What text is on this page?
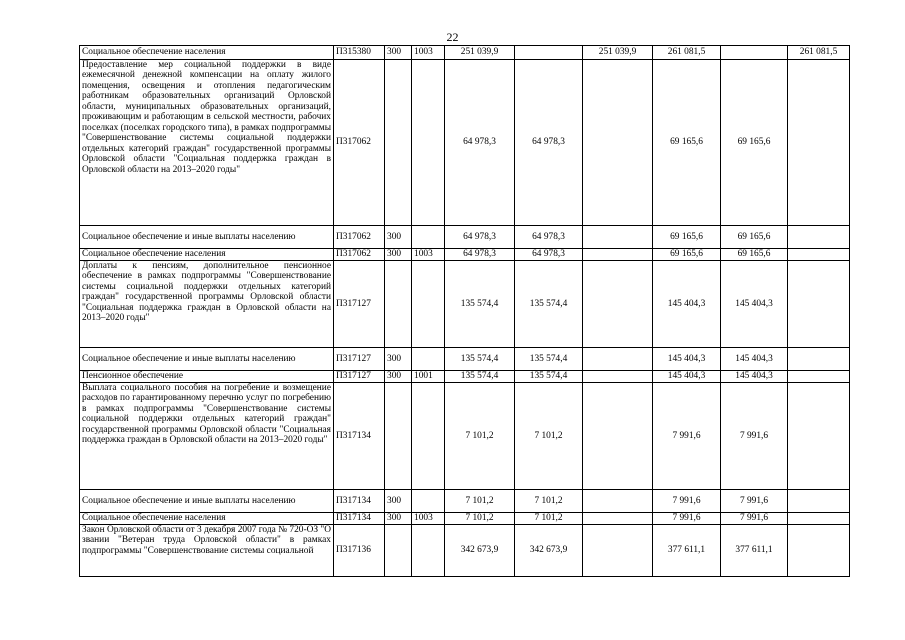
22
Социальное обеспечение населения	П315380	300	1003	251 039,9		251 039,9	261 081,5		261 081,5
Предоставление мер социальной поддержки в виде ежемесячной денежной компенсации на оплату жилого помещения, освещения и отопления педагогическим работникам образовательных организаций Орловской области, муниципальных образовательных организаций, проживающим и работающим в сельской местности, рабочих поселках (поселках городского типа), в рамках подпрограммы "Совершенствование системы социальной поддержки отдельных категорий граждан" государственной программы Орловской области "Социальная поддержка граждан в Орловской области на 2013–2020 годы"	П317062			64 978,3	64 978,3		69 165,6	69 165,6	
Социальное обеспечение и иные выплаты населению	П317062	300		64 978,3	64 978,3		69 165,6	69 165,6	
Социальное обеспечение населения	П317062	300	1003	64 978,3	64 978,3		69 165,6	69 165,6	
Доплаты к пенсиям, дополнительное пенсионное обеспечение в рамках подпрограммы "Совершенствование системы социальной поддержки отдельных категорий граждан" государственной программы Орловской области "Социальная поддержка граждан в Орловской области на 2013–2020 годы"	П317127			135 574,4	135 574,4		145 404,3	145 404,3	
Социальное обеспечение и иные выплаты населению	П317127	300		135 574,4	135 574,4		145 404,3	145 404,3	
Пенсионное обеспечение	П317127	300	1001	135 574,4	135 574,4		145 404,3	145 404,3	
Выплата социального пособия на погребение и возмещение расходов по гарантированному перечню услуг по погребению в рамках подпрограммы "Совершенствование системы социальной поддержки отдельных категорий граждан" государственной программы Орловской области "Социальная поддержка граждан в Орловской области на 2013–2020 годы"	П317134			7 101,2	7 101,2		7 991,6	7 991,6	
Социальное обеспечение и иные выплаты населению	П317134	300		7 101,2	7 101,2		7 991,6	7 991,6	
Социальное обеспечение населения	П317134	300	1003	7 101,2	7 101,2		7 991,6	7 991,6	
Закон Орловской области от 3 декабря 2007 года № 720-ОЗ "О звании "Ветеран труда Орловской области" в рамках подпрограммы "Совершенствование системы социальной	П317136			342 673,9	342 673,9		377 611,1	377 611,1	
